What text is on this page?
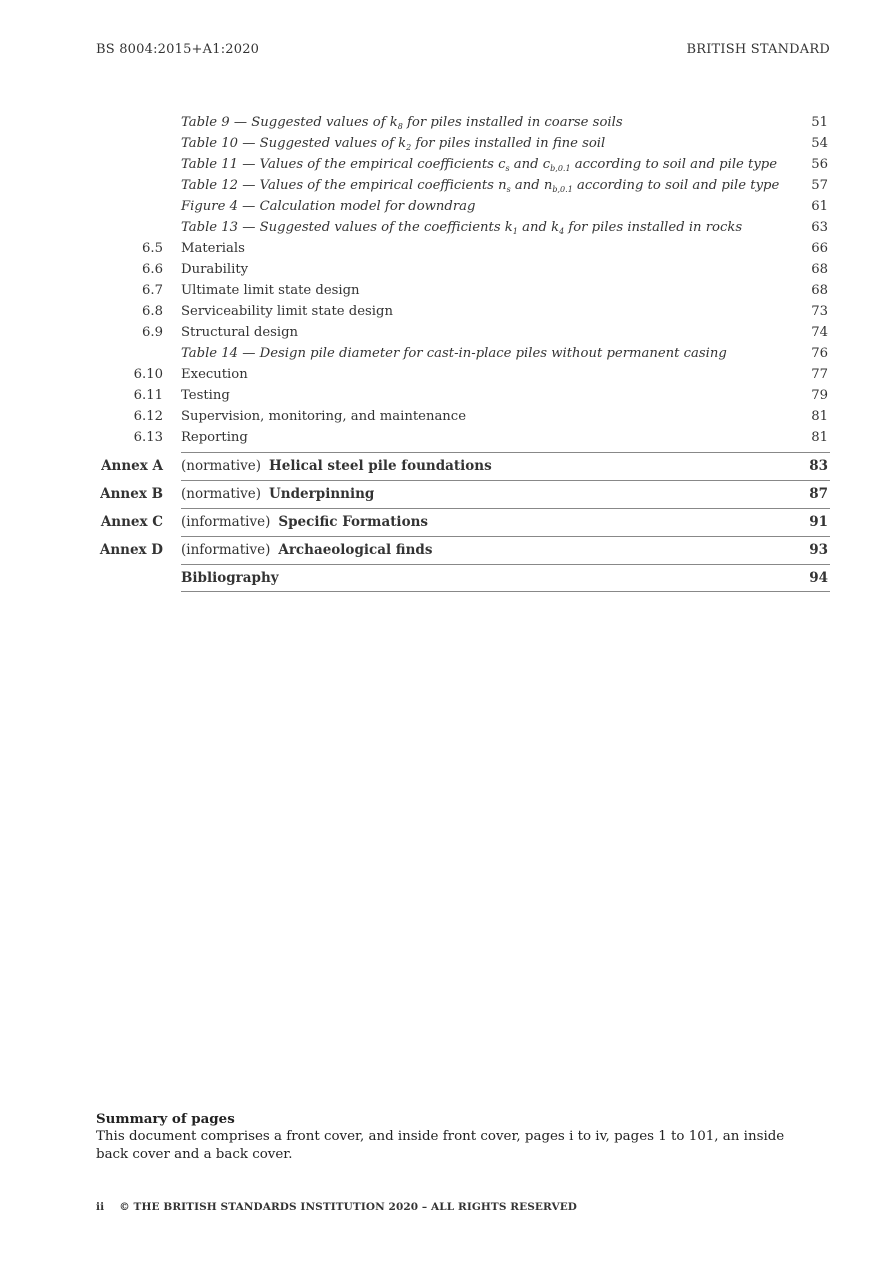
BS 8004:2015+A1:2020	BRITISH STANDARD
Table 9 — Suggested values of $k_8$ for piles installed in coarse soils	51
Table 10 — Suggested values of $k_2$ for piles installed in fine soil	54
Table 11 — Values of the empirical coefficients $c_s$ and $c_{b,0.1}$ according to soil and pile type	56
Table 12 — Values of the empirical coefficients $n_s$ and $n_{b,0.1}$ according to soil and pile type 57
Figure 4 — Calculation model for downdrag	61
Table 13 — Suggested values of the coefficients $k_1$ and $k_4$ for piles installed in rocks	63
6.5 Materials	66
6.6 Durability	68
6.7 Ultimate limit state design	68
6.8 Serviceability limit state design	73
6.9 Structural design	74
Table 14 — Design pile diameter for cast-in-place piles without permanent casing	76
6.10 Execution	77
6.11 Testing	79
6.12 Supervision, monitoring, and maintenance	81
6.13 Reporting	81
Annex A (normative) Helical steel pile foundations	83
Annex B (normative) Underpinning	87
Annex C (informative) Specific Formations	91
Annex D (informative) Archaeological finds	93
Bibliography	94
Summary of pages
This document comprises a front cover, and inside front cover, pages i to iv, pages 1 to 101, an inside back cover and a back cover.
ii    © THE BRITISH STANDARDS INSTITUTION 2020 – ALL RIGHTS RESERVED
